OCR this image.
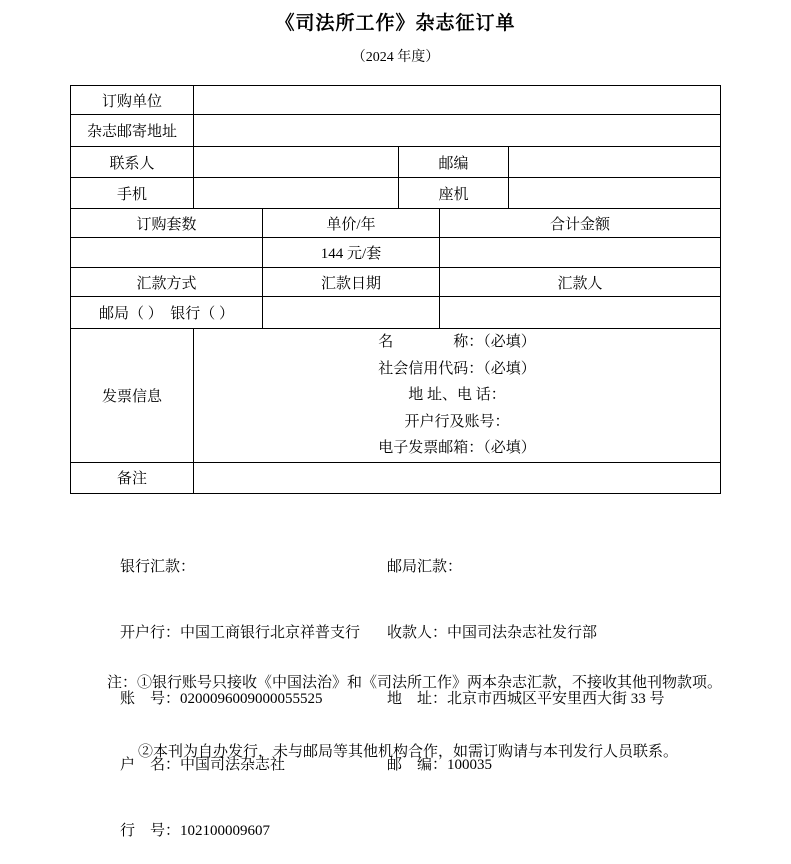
《司法所工作》杂志征订单
（2024 年度）
订购单位					
杂志邮寄地址					
联系人			邮编		
手机			座机		
订购套数		单价/年		合计金额	
		144 元/套			
汇款方式		汇款日期		汇款人	
邮局（ ）　银行（ ）					
发票信息	名　　　　称：（必填）
社会信用代码：（必填）
地 址、电 话：
开户行及账号：
电子发票邮箱：（必填）				

备注					

银行汇款：

开户行：中国工商银行北京祥普支行

账　号：0200096009000055525

户　名：中国司法杂志社

行　号：102100009607

邮局汇款：

收款人：中国司法杂志社发行部

地　址：北京市西城区平安里西大街 33 号

邮　编：100035

注：①银行账号只接收《中国法治》和《司法所工作》两本杂志汇款，不接收其他刊物款项。

②本刊为自办发行，未与邮局等其他机构合作，如需订购请与本刊发行人员联系。
